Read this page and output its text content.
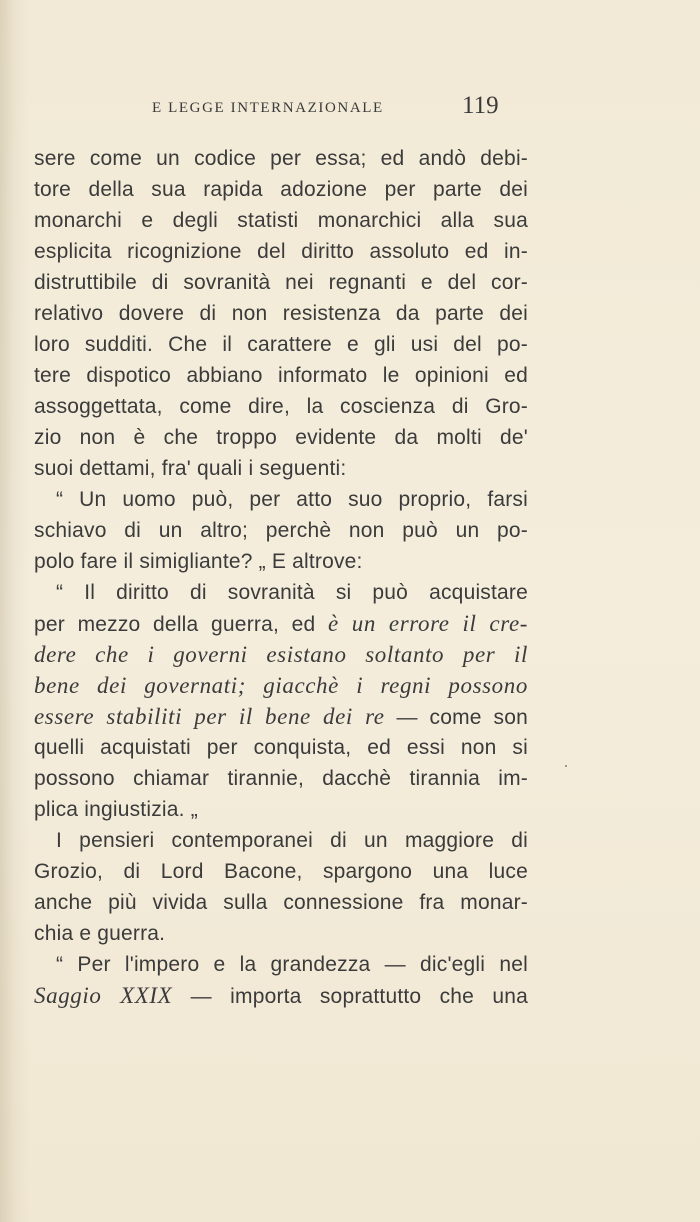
E LEGGE INTERNAZIONALE	119
sere come un codice per essa; ed andò debi-
tore della sua rapida adozione per parte dei
monarchi e degli statisti monarchici alla sua
esplicita ricognizione del diritto assoluto ed in-
distruttibile di sovranità nei regnanti e del cor-
relativo dovere di non resistenza da parte dei
loro sudditi. Che il carattere e gli usi del po-
tere dispotico abbiano informato le opinioni ed
assoggettata, come dire, la coscienza di Gro-
zio non è che troppo evidente da molti de'
suoi dettami, fra' quali i seguenti:
“ Un uomo può, per atto suo proprio, farsi
schiavo di un altro; perchè non può un po-
polo fare il simigliante? „ E altrove:
“ Il diritto di sovranità si può acquistare
per mezzo della guerra, ed è un errore il cre-
dere che i governi esistano soltanto per il
bene dei governati; giacchè i regni possono
essere stabiliti per il bene dei re — come son
quelli acquistati per conquista, ed essi non si
possono chiamar tirannie, dacchè tirannia im-
plica ingiustizia. „
I pensieri contemporanei di un maggiore di
Grozio, di Lord Bacone, spargono una luce
anche più vivida sulla connessione fra monar-
chia e guerra.
“ Per l'impero e la grandezza — dic'egli nel
Saggio XXIX — importa soprattutto che una
